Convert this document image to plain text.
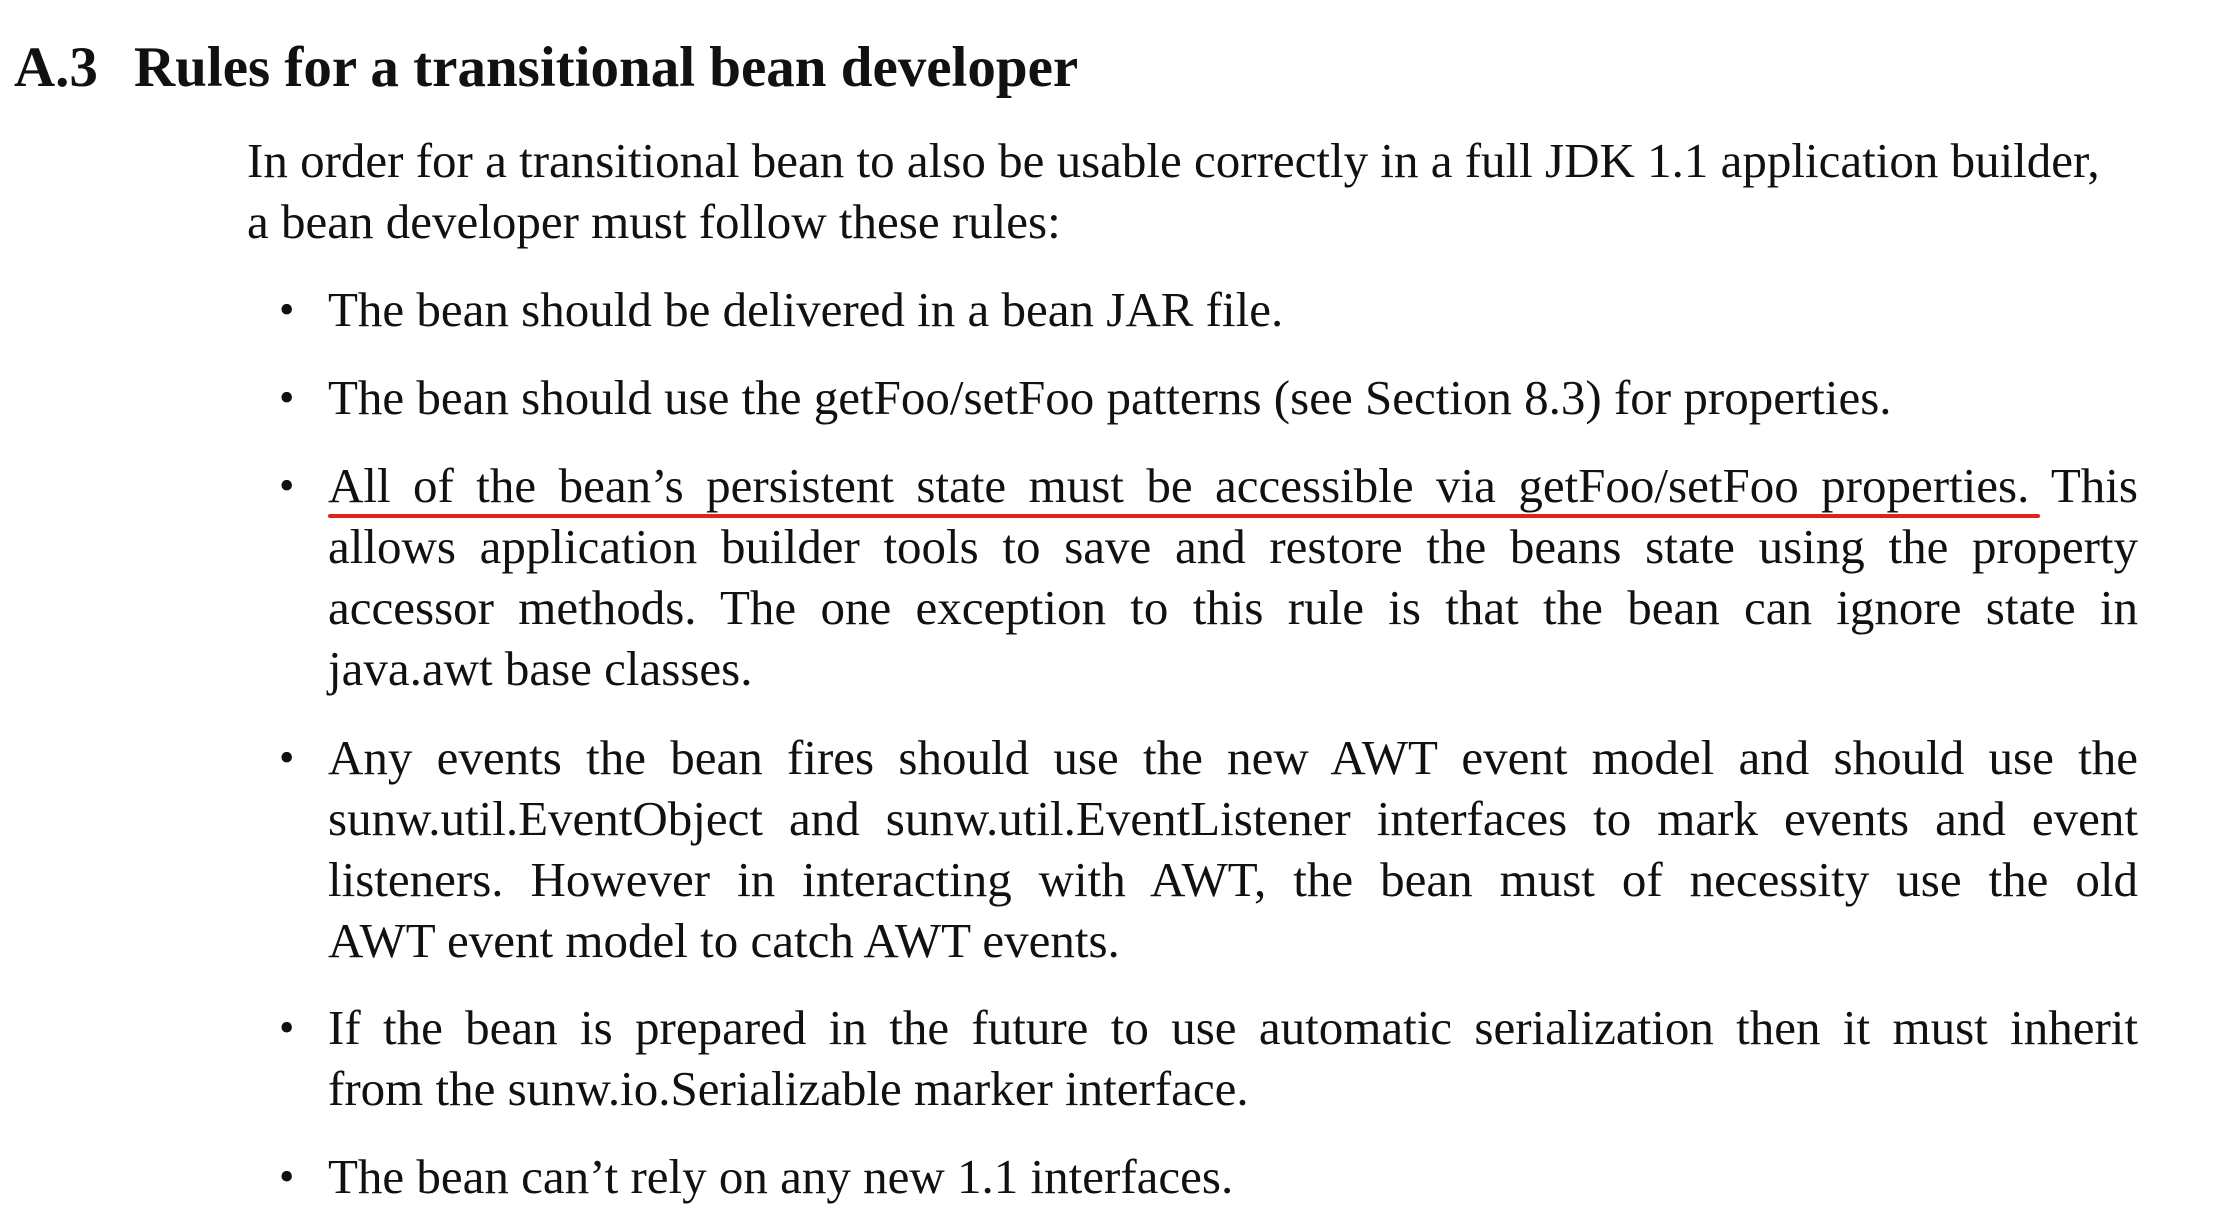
A.3 Rules for a transitional bean developer

In order for a transitional bean to also be usable correctly in a full JDK 1.1 application builder,
a bean developer must follow these rules:

• The bean should be delivered in a bean JAR file.
• The bean should use the getFoo/setFoo patterns (see Section 8.3) for properties.
• All of the bean’s persistent state must be accessible via getFoo/setFoo properties. This
allows application builder tools to save and restore the beans state using the property
accessor methods. The one exception to this rule is that the bean can ignore state in
java.awt base classes.
• Any events the bean fires should use the new AWT event model and should use the
sunw.util.EventObject and sunw.util.EventListener interfaces to mark events and event
listeners. However in interacting with AWT, the bean must of necessity use the old
AWT event model to catch AWT events.
• If the bean is prepared in the future to use automatic serialization then it must inherit
from the sunw.io.Serializable marker interface.
• The bean can’t rely on any new 1.1 interfaces.
